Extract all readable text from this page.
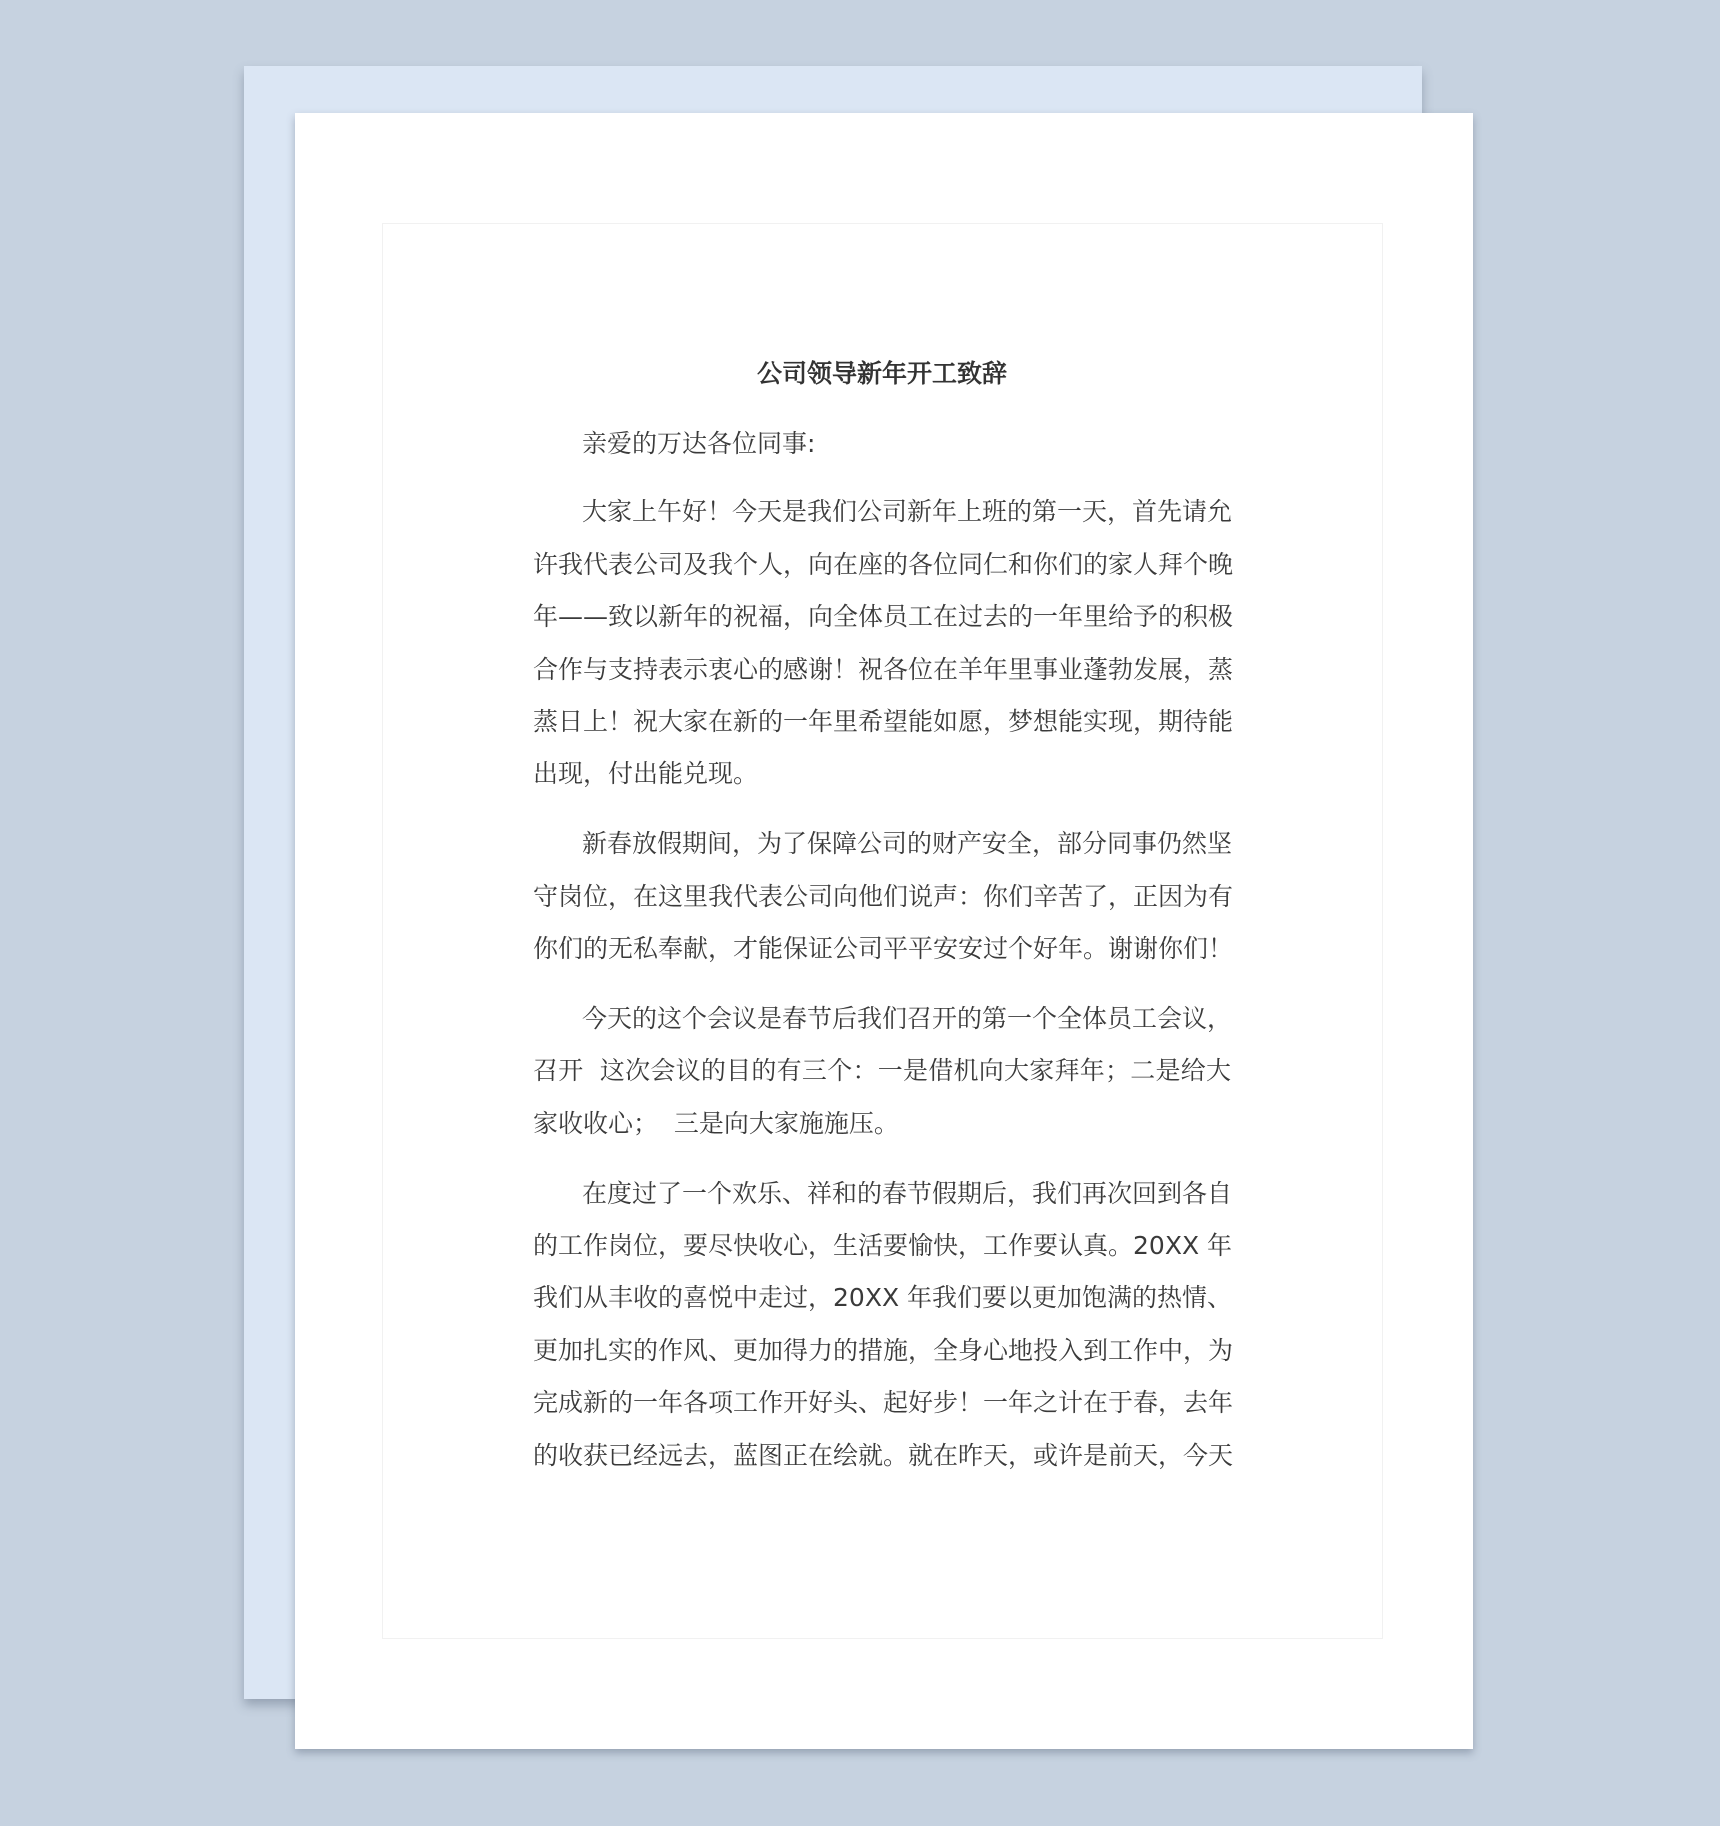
公司领导新年开工致辞
亲爱的万达各位同事:
大家上午好！今天是我们公司新年上班的第一天，首先请允
许我代表公司及我个人，向在座的各位同仁和你们的家人拜个晚
年——致以新年的祝福，向全体员工在过去的一年里给予的积极
合作与支持表示衷心的感谢！祝各位在羊年里事业蓬勃发展，蒸
蒸日上！祝大家在新的一年里希望能如愿，梦想能实现，期待能
出现，付出能兑现。
新春放假期间，为了保障公司的财产安全，部分同事仍然坚
守岗位，在这里我代表公司向他们说声：你们辛苦了，正因为有
你们的无私奉献，才能保证公司平平安安过个好年。谢谢你们！
今天的这个会议是春节后我们召开的第一个全体员工会议，
召开  这次会议的目的有三个：一是借机向大家拜年；二是给大
家收收心；  三是向大家施施压。
在度过了一个欢乐、祥和的春节假期后，我们再次回到各自
的工作岗位，要尽快收心，生活要愉快，工作要认真。20XX 年
我们从丰收的喜悦中走过，20XX 年我们要以更加饱满的热情、
更加扎实的作风、更加得力的措施，全身心地投入到工作中，为
完成新的一年各项工作开好头、起好步！一年之计在于春，去年
的收获已经远去，蓝图正在绘就。就在昨天，或许是前天，今天
